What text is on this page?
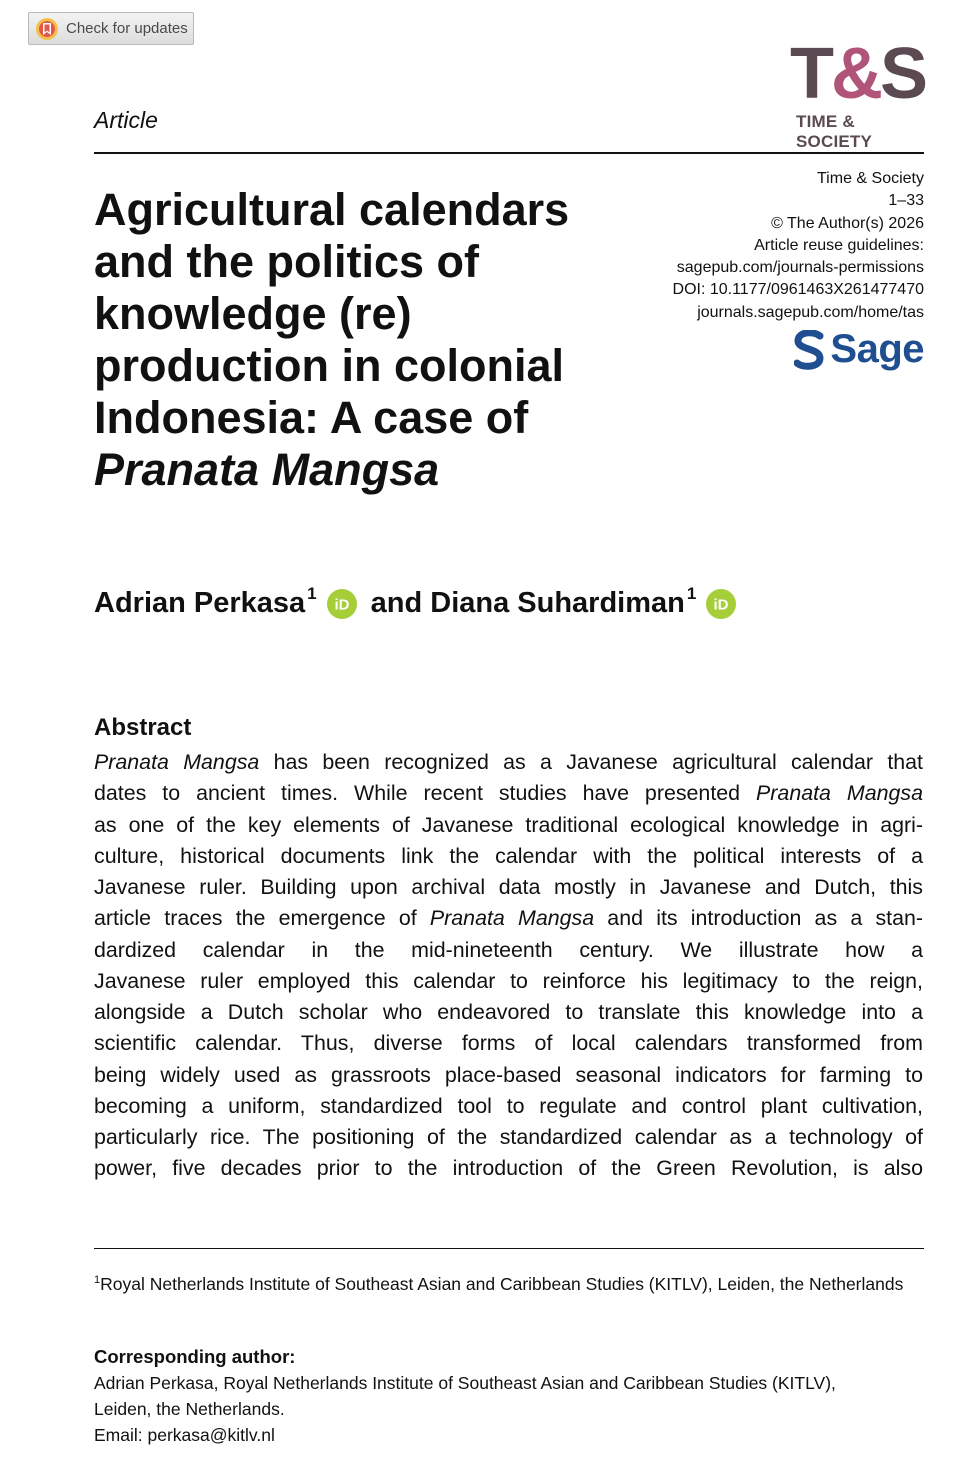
Check for updates
Article
T&S
TIME & SOCIETY
Time & Society
1–33
© The Author(s) 2026
Article reuse guidelines:
sagepub.com/journals-permissions
DOI: 10.1177/0961463X261477470
journals.sagepub.com/home/tas
Sage
Agricultural calendars
and the politics of
knowledge (re)
production in colonial
Indonesia: A case of
Pranata Mangsa
Adrian Perkasa$^1$
iD and Diana Suhardiman$^1$
iD
Abstract
Pranata Mangsa has been recognized as a Javanese agricultural calendar that
dates to ancient times. While recent studies have presented Pranata Mangsa
as one of the key elements of Javanese traditional ecological knowledge in agri-
culture, historical documents link the calendar with the political interests of a
Javanese ruler. Building upon archival data mostly in Javanese and Dutch, this
article traces the emergence of Pranata Mangsa and its introduction as a stan-
dardized calendar in the mid-nineteenth century. We illustrate how a
Javanese ruler employed this calendar to reinforce his legitimacy to the reign,
alongside a Dutch scholar who endeavored to translate this knowledge into a
scientific calendar. Thus, diverse forms of local calendars transformed from
being widely used as grassroots place-based seasonal indicators for farming to
becoming a uniform, standardized tool to regulate and control plant cultivation,
particularly rice. The positioning of the standardized calendar as a technology of
power, five decades prior to the introduction of the Green Revolution, is also
$^1$Royal Netherlands Institute of Southeast Asian and Caribbean Studies (KITLV), Leiden, the Netherlands
Corresponding author:
Adrian Perkasa, Royal Netherlands Institute of Southeast Asian and Caribbean Studies (KITLV),
Leiden, the Netherlands.
Email: perkasa@kitlv.nl
